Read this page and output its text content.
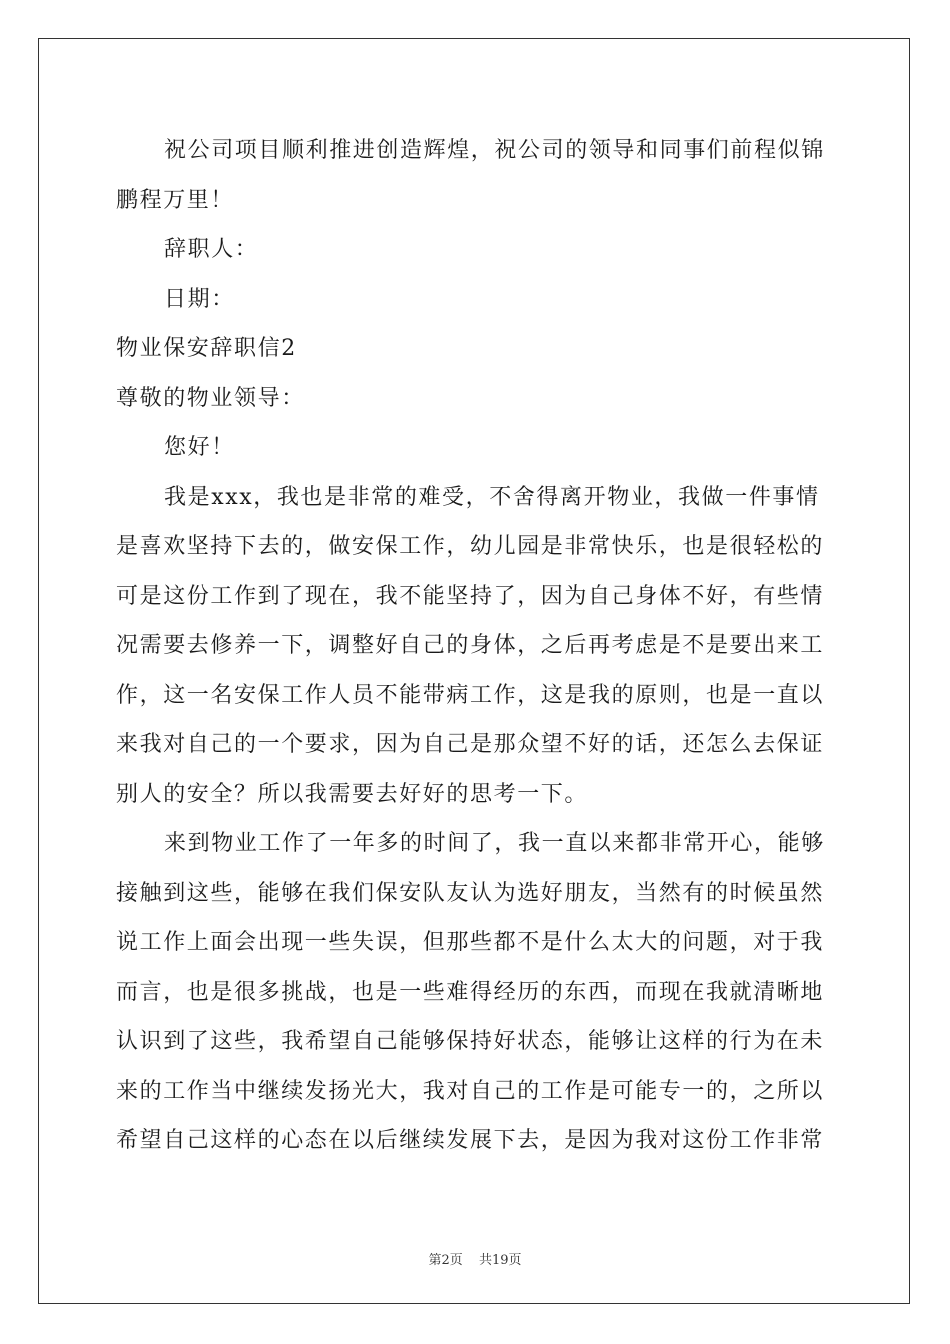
祝公司项目顺利推进创造辉煌，祝公司的领导和同事们前程似锦
鹏程万里！
辞职人：
日期：
物业保安辞职信2
尊敬的物业领导：
您好！
我是xxx，我也是非常的难受，不舍得离开物业，我做一件事情
是喜欢坚持下去的，做安保工作，幼儿园是非常快乐，也是很轻松的
可是这份工作到了现在，我不能坚持了，因为自己身体不好，有些情
况需要去修养一下，调整好自己的身体，之后再考虑是不是要出来工
作，这一名安保工作人员不能带病工作，这是我的原则，也是一直以
来我对自己的一个要求，因为自己是那众望不好的话，还怎么去保证
别人的安全？所以我需要去好好的思考一下。
来到物业工作了一年多的时间了，我一直以来都非常开心，能够
接触到这些，能够在我们保安队友认为选好朋友，当然有的时候虽然
说工作上面会出现一些失误，但那些都不是什么太大的问题，对于我
而言，也是很多挑战，也是一些难得经历的东西，而现在我就清晰地
认识到了这些，我希望自己能够保持好状态，能够让这样的行为在未
来的工作当中继续发扬光大，我对自己的工作是可能专一的，之所以
希望自己这样的心态在以后继续发展下去，是因为我对这份工作非常
第2页 共19页
